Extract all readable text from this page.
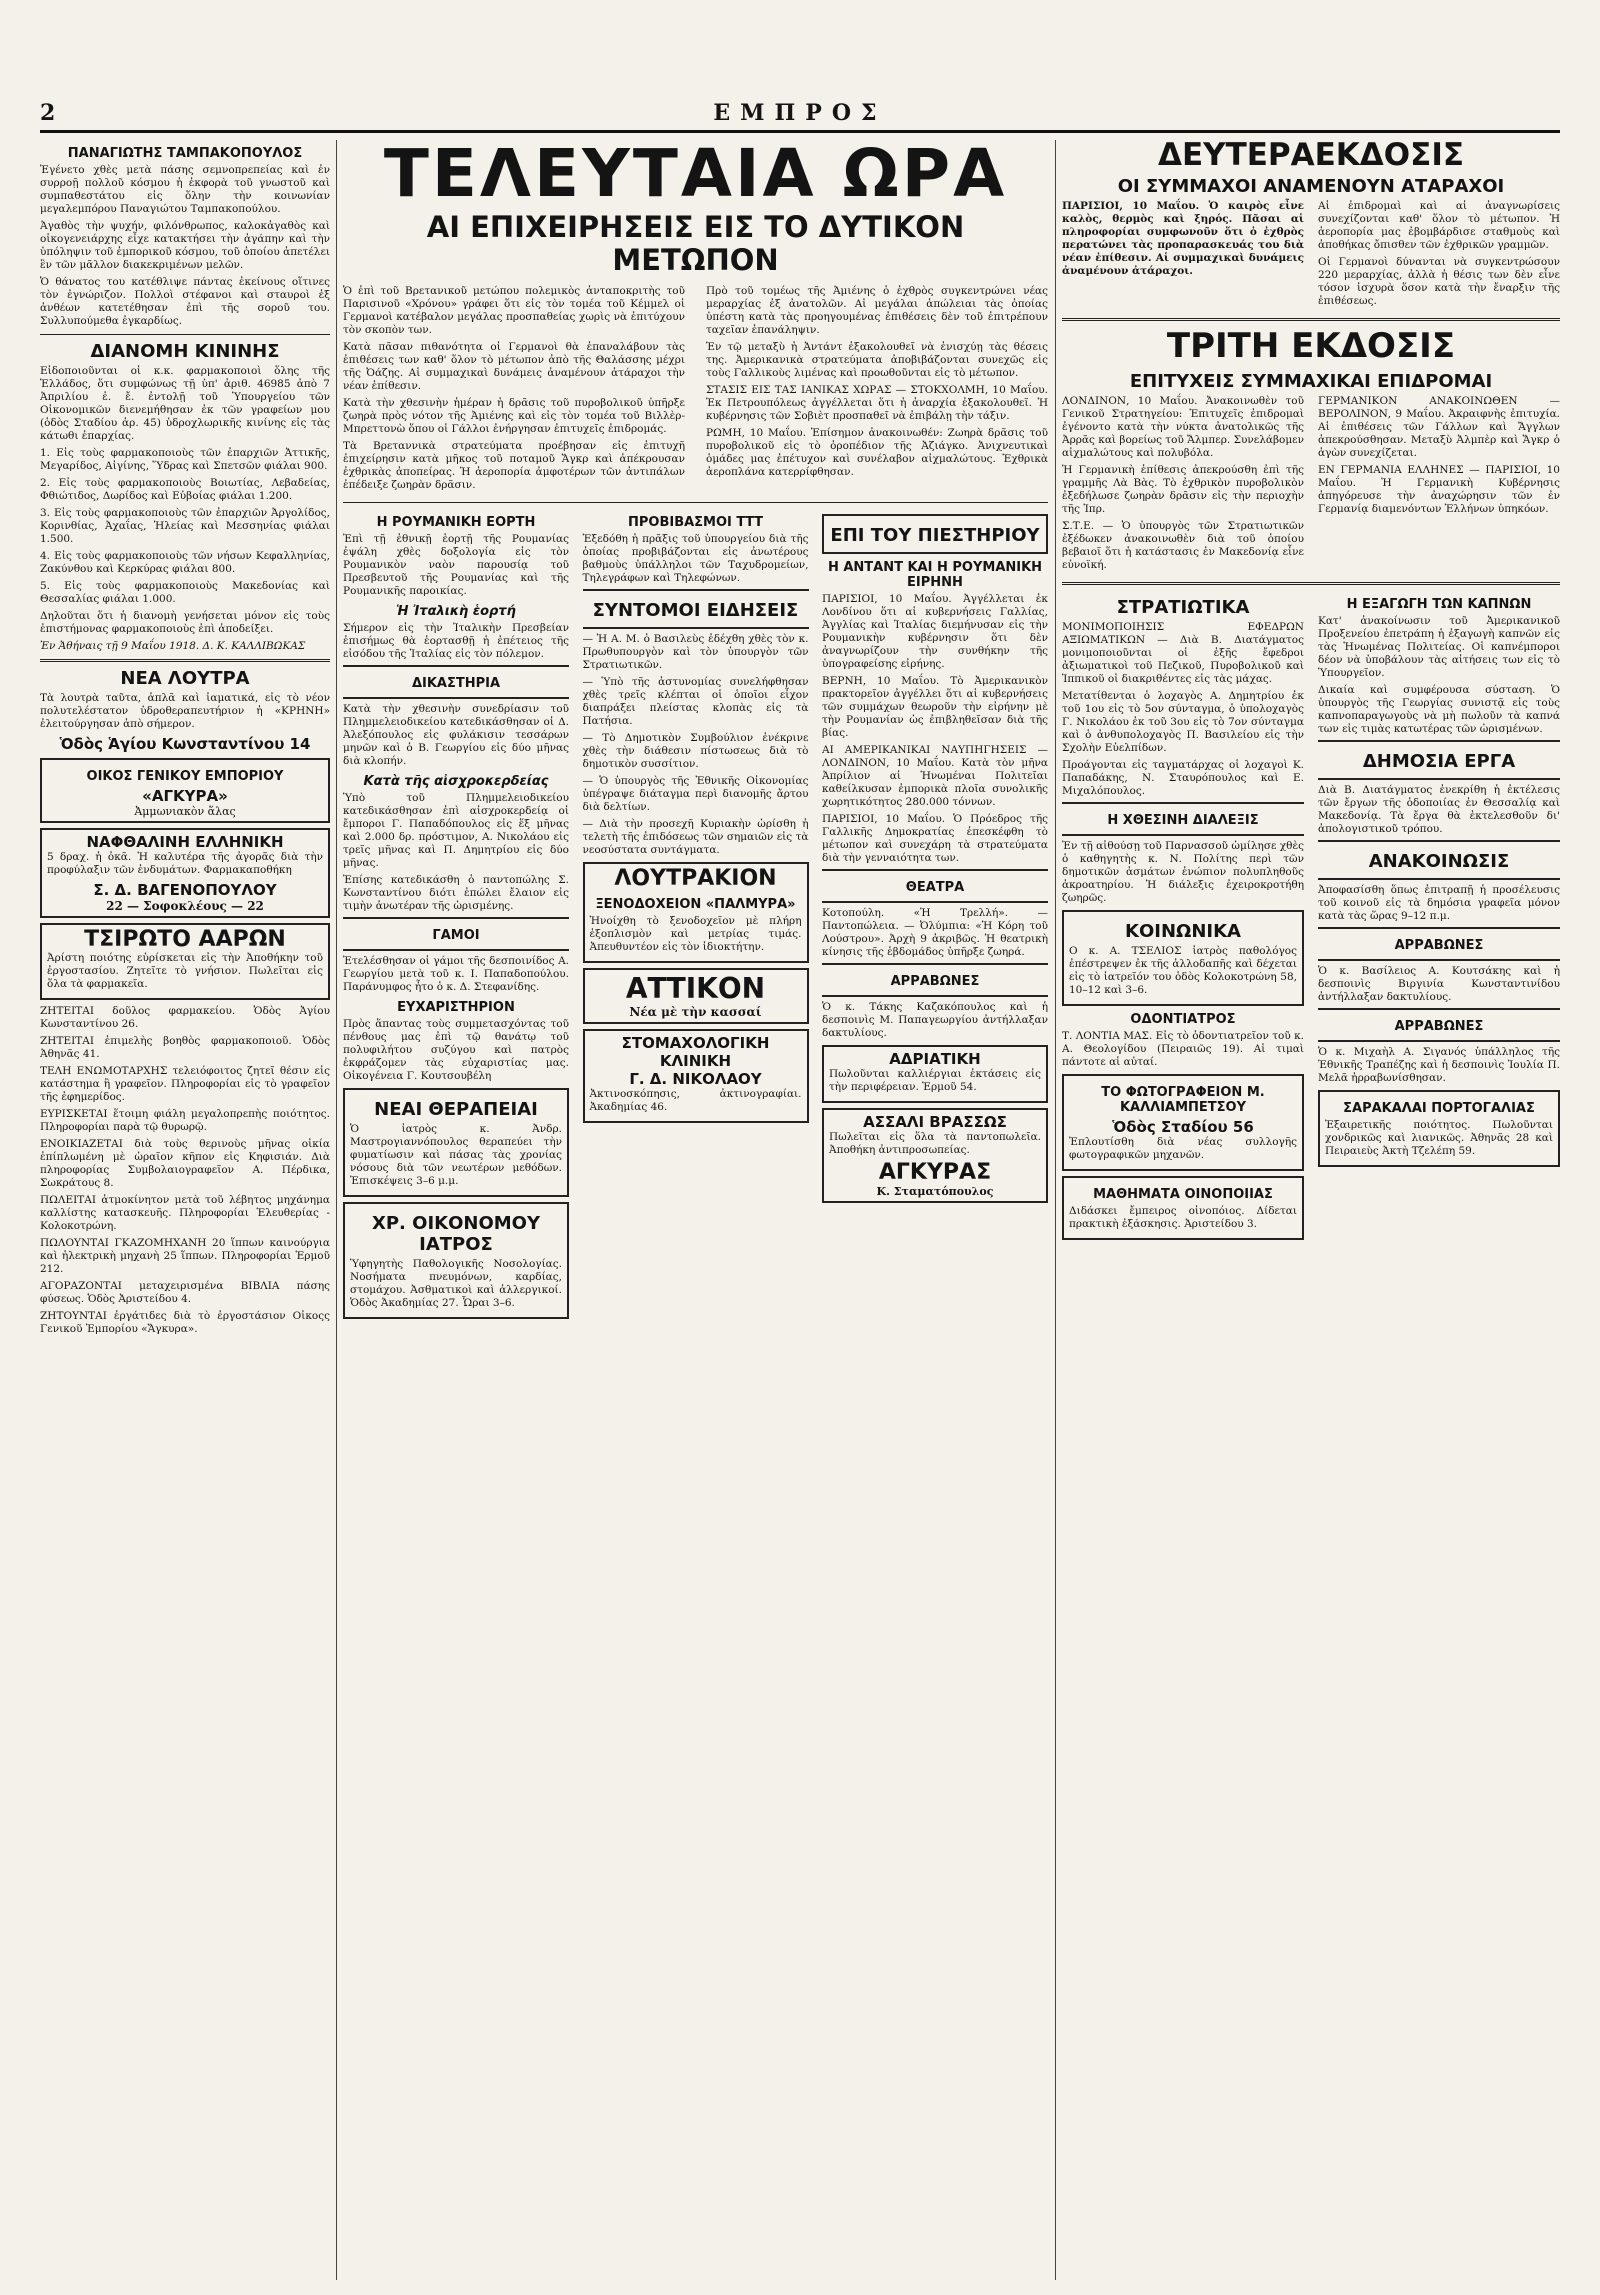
2	ΕΜΠΡΟΣ
ΠΑΝΑΓΙΩΤΗΣ ΤΑΜΠΑΚΟΠΟΥΛΟΣ

Ἐγένετο χθὲς μετὰ πάσης σεμνοπρεπείας καὶ ἐν συρροῇ πολλοῦ κόσμου ἡ ἐκφορὰ τοῦ γνωστοῦ καὶ συμπαθεστάτου εἰς ὅλην τὴν κοινωνίαν μεγαλεμπόρου Παναγιώτου Ταμπακοπούλου.

Ἀγαθὸς τὴν ψυχήν, φιλόνθρωπος, καλοκἀγαθὸς καὶ οἰκογενειάρχης εἶχε κατακτήσει τὴν ἀγάπην καὶ τὴν ὑπόληψιν τοῦ ἐμπορικοῦ κόσμου, τοῦ ὁποίου ἀπετέλει ἓν τῶν μᾶλλον διακεκριμένων μελῶν.

Ὁ θάνατος του κατέθλιψε πάντας ἐκείνους οἵτινες τὸν ἐγνώριζον. Πολλοὶ στέφανοι καὶ σταυροὶ ἐξ ἀνθέων κατετέθησαν ἐπὶ τῆς σοροῦ του. Συλλυπούμεθα ἐγκαρδίως.

ΔΙΑΝΟΜΗ ΚΙΝΙΝΗΣ

Εἰδοποιοῦνται οἱ κ.κ. φαρμακοποιοὶ ὅλης τῆς Ἑλλάδος, ὅτι συμφώνως τῇ ὑπ' ἀριθ. 46985 ἀπὸ 7 Ἀπριλίου ἐ. ἔ. ἐντολῇ τοῦ Ὑπουργείου τῶν Οἰκονομικῶν διενεμήθησαν ἐκ τῶν γραφείων μου (ὁδὸς Σταδίου ἀρ. 45) ὑδροχλωρικῆς κινίνης εἰς τὰς κάτωθι ἐπαρχίας.

1. Εἰς τοὺς φαρμακοποιοὺς τῶν ἐπαρχιῶν Ἀττικῆς, Μεγαρίδος, Αἰγίνης, Ὕδρας καὶ Σπετσῶν φιάλαι 900.

2. Εἰς τοὺς φαρμακοποιοὺς Βοιωτίας, Λεβαδείας, Φθιώτιδος, Δωρίδος καὶ Εὐβοίας φιάλαι 1.200.

3. Εἰς τοὺς φαρμακοποιοὺς τῶν ἐπαρχιῶν Ἀργολίδος, Κορινθίας, Ἀχαΐας, Ἠλείας καὶ Μεσσηνίας φιάλαι 1.500.

4. Εἰς τοὺς φαρμακοποιοὺς τῶν νήσων Κεφαλληνίας, Ζακύνθου καὶ Κερκύρας φιάλαι 800.

5. Εἰς τοὺς φαρμακοποιοὺς Μακεδονίας καὶ Θεσσαλίας φιάλαι 1.000.

Δηλοῦται ὅτι ἡ διανομὴ γενήσεται μόνον εἰς τοὺς ἐπιστήμονας φαρμακοποιοὺς ἐπὶ ἀποδείξει.

Ἐν Ἀθήναις τῇ 9 Μαΐου 1918. Δ. Κ. ΚΑΛΛΙΒΩΚΑΣ

ΝΕΑ ΛΟΥΤΡΑ

Τὰ λουτρὰ ταῦτα, ἀπλᾶ καὶ ἰαματικά, εἰς τὸ νέον πολυτελέστατον ὑδροθεραπευτήριον ἡ «ΚΡΗΝΗ» ἐλειτούργησαν ἀπὸ σήμερον.

Ὁδὸς Ἁγίου Κωνσταντίνου 14
ΟΙΚΟΣ ΓΕΝΙΚΟΥ ΕΜΠΟΡΙΟΥ
«ΑΓΚΥΡΑ»
Ἀμμωνιακὸν ἅλας
ΝΑΦΘΑΛΙΝΗ ΕΛΛΗΝΙΚΗ

5 δραχ. ἡ ὀκᾶ. Ἡ καλυτέρα τῆς ἀγορᾶς διὰ τὴν προφύλαξιν τῶν ἐνδυμάτων. Φαρμακαποθήκη

Σ. Δ. ΒΑΓΕΝΟΠΟΥΛΟΥ
22 — Σοφοκλέους — 22
ΤΣΙΡΩΤΟ ΑΑΡΩΝ

Ἀρίστη ποιότης εὑρίσκεται εἰς τὴν Ἀποθήκην τοῦ ἐργοστασίου. Ζητεῖτε τὸ γνήσιον. Πωλεῖται εἰς ὅλα τὰ φαρμακεῖα.

ΖΗΤΕΙΤΑΙ δοῦλος φαρμακείου. Ὁδὸς Ἀγίου Κωνσταντίνου 26.

ΖΗΤΕΙΤΑΙ ἐπιμελὴς βοηθὸς φαρμακοποιοῦ. Ὁδὸς Ἀθηνᾶς 41.

ΤΕΛΗ ΕΝΩΜΟΤΑΡΧΗΣ τελειόφοιτος ζητεῖ θέσιν εἰς κατάστημα ἢ γραφεῖον. Πληροφορίαι εἰς τὸ γραφεῖον τῆς ἐφημερίδος.

ΕΥΡΙΣΚΕΤΑΙ ἕτοιμη φιάλη μεγαλοπρεπὴς ποιότητος. Πληροφορίαι παρὰ τῷ θυρωρῷ.

ΕΝΟΙΚΙΑΖΕΤΑΙ διὰ τοὺς θερινοὺς μῆνας οἰκία ἐπίπλωμένη μὲ ὡραῖον κῆπον εἰς Κηφισιάν. Διὰ πληροφορίας Συμβολαιογραφεῖον Α. Πέρδικα, Σωκράτους 8.

ΠΩΛΕΙΤΑΙ ἀτμοκίνητον μετὰ τοῦ λέβητος μηχάνημα καλλίστης κατασκευῆς. Πληροφορίαι Ἑλευθερίας - Κολοκοτρώνη.

ΠΩΛΟΥΝΤΑΙ ΓΚΑΖΟΜΗΧΑΝΗ 20 ἵππων καινούργια καὶ ἡλεκτρικὴ μηχανὴ 25 ἵππων. Πληροφορίαι Ἑρμοῦ 212.

ΑΓΟΡΑΖΟΝΤΑΙ μεταχειρισμένα ΒΙΒΛΙΑ πάσης φύσεως. Ὁδὸς Ἀριστείδου 4.

ΖΗΤΟΥΝΤΑΙ ἐργάτιδες διὰ τὸ ἐργοστάσιον Οἰκοςς Γενικοῦ Ἐμπορίου «Ἄγκυρα».

ΤΕΛΕΥΤΑΙΑ ΩΡΑ
ΑΙ ΕΠΙΧΕΙΡΗΣΕΙΣ ΕΙΣ ΤΟ ΔΥΤΙΚΟΝ ΜΕΤΩΠΟΝ

Ὁ ἐπὶ τοῦ Βρετανικοῦ μετώπου πολεμικὸς ἀνταποκριτὴς τοῦ Παρισινοῦ «Χρόνου» γράφει ὅτι εἰς τὸν τομέα τοῦ Κέμμελ οἱ Γερμανοὶ κατέβαλον μεγάλας προσπαθείας χωρὶς νὰ ἐπιτύχουν τὸν σκοπὸν των.

Κατὰ πᾶσαν πιθανότητα οἱ Γερμανοὶ θὰ ἐπαναλάβουν τὰς ἐπιθέσεις των καθ' ὅλον τὸ μέτωπον ἀπὸ τῆς Θαλάσσης μέχρι τῆς Ὀάζης. Αἱ συμμαχικαὶ δυνάμεις ἀναμένουν ἀτάραχοι τὴν νέαν ἐπίθεσιν.

Κατὰ τὴν χθεσινὴν ἡμέραν ἡ δρᾶσις τοῦ πυροβολικοῦ ὑπῆρξε ζωηρὰ πρὸς νότον τῆς Ἀμιένης καὶ εἰς τὸν τομέα τοῦ Βιλλὲρ-Μπρεττονὼ ὅπου οἱ Γάλλοι ἐνήργησαν ἐπιτυχεῖς ἐπιδρομάς.

Τὰ Βρεταννικὰ στρατεύματα προέβησαν εἰς ἐπιτυχῆ ἐπιχείρησιν κατὰ μῆκος τοῦ ποταμοῦ Ἄγκρ καὶ ἀπέκρουσαν ἐχθρικὰς ἀποπείρας. Ἡ ἀεροπορία ἀμφοτέρων τῶν ἀντιπάλων ἐπέδειξε ζωηρὰν δρᾶσιν.

Πρὸ τοῦ τομέως τῆς Ἀμιένης ὁ ἐχθρὸς συγκεντρώνει νέας μεραρχίας ἐξ ἀνατολῶν. Αἱ μεγάλαι ἀπώλειαι τὰς ὁποίας ὑπέστη κατὰ τὰς προηγουμένας ἐπιθέσεις δὲν τοῦ ἐπιτρέπουν ταχεῖαν ἐπανάληψιν.

Ἐν τῷ μεταξὺ ἡ Ἀντάντ ἐξακολουθεῖ νὰ ἐνισχύῃ τὰς θέσεις της. Ἀμερικανικὰ στρατεύματα ἀποβιβάζονται συνεχῶς εἰς τοὺς Γαλλικοὺς λιμένας καὶ προωθοῦνται εἰς τὸ μέτωπον.

ΣΤΑΣΙΣ ΕΙΣ ΤΑΣ ΙΑΝΙΚΑΣ ΧΩΡΑΣ — ΣΤΟΚΧΟΛΜΗ, 10 Μαΐου. Ἐκ Πετρουπόλεως ἀγγέλλεται ὅτι ἡ ἀναρχία ἐξακολουθεῖ. Ἡ κυβέρνησις τῶν Σοβιὲτ προσπαθεῖ νὰ ἐπιβάλῃ τὴν τάξιν.

ΡΩΜΗ, 10 Μαΐου. Ἐπίσημον ἀνακοινωθέν: Ζωηρὰ δρᾶσις τοῦ πυροβολικοῦ εἰς τὸ ὀροπέδιον τῆς Ἀζιάγκο. Ἀνιχνευτικαὶ ὁμάδες μας ἐπέτυχον καὶ συνέλαβον αἰχμαλώτους. Ἐχθρικὰ ἀεροπλάνα κατερρίφθησαν.

Η ΡΟΥΜΑΝΙΚΗ ΕΟΡΤΗ

Ἐπὶ τῇ ἐθνικῇ ἑορτῇ τῆς Ρουμανίας ἐψάλη χθὲς δοξολογία εἰς τὸν Ρουμανικὸν ναὸν παρουσίᾳ τοῦ Πρεσβευτοῦ τῆς Ρουμανίας καὶ τῆς Ρουμανικῆς παροικίας.

Ἡ Ἰταλικὴ ἑορτή

Σήμερον εἰς τὴν Ἰταλικὴν Πρεσβείαν ἐπισήμως θὰ ἑορτασθῇ ἡ ἐπέτειος τῆς εἰσόδου τῆς Ἰταλίας εἰς τὸν πόλεμον.

ΔΙΚΑΣΤΗΡΙΑ

Κατὰ τὴν χθεσινὴν συνεδρίασιν τοῦ Πλημμελειοδικείου κατεδικάσθησαν οἱ Δ. Ἀλεξόπουλος εἰς φυλάκισιν τεσσάρων μηνῶν καὶ ὁ Β. Γεωργίου εἰς δύο μῆνας διὰ κλοπήν.

Κατὰ τῆς αἰσχροκερδείας

Ὑπὸ τοῦ Πλημμελειοδικείου κατεδικάσθησαν ἐπὶ αἰσχροκερδείᾳ οἱ ἔμποροι Γ. Παπαδόπουλος εἰς ἕξ μῆνας καὶ 2.000 δρ. πρόστιμον, Α. Νικολάου εἰς τρεῖς μῆνας καὶ Π. Δημητρίου εἰς δύο μῆνας.

Ἐπίσης κατεδικάσθη ὁ παντοπώλης Σ. Κωνσταντίνου διότι ἐπώλει ἔλαιον εἰς τιμὴν ἀνωτέραν τῆς ὡρισμένης.

ΓΑΜΟΙ

Ἐτελέσθησαν οἱ γάμοι τῆς δεσποινίδος Α. Γεωργίου μετὰ τοῦ κ. Ι. Παπαδοπούλου. Παράνυμφος ἦτο ὁ κ. Δ. Στεφανίδης.

ΕΥΧΑΡΙΣΤΗΡΙΟΝ

Πρὸς ἅπαντας τοὺς συμμετασχόντας τοῦ πένθους μας ἐπὶ τῷ θανάτῳ τοῦ πολυφιλήτου συζύγου καὶ πατρὸς ἐκφράζομεν τὰς εὐχαριστίας μας. Οἰκογένεια Γ. Κουτσουβέλη

ΝΕΑΙ ΘΕΡΑΠΕΙΑΙ

Ὁ ἰατρὸς κ. Ἀνδρ. Μαστρογιαννόπουλος θεραπεύει τὴν φυματίωσιν καὶ πάσας τὰς χρονίας νόσους διὰ τῶν νεωτέρων μεθόδων. Ἐπισκέψεις 3–6 μ.μ.

ΧΡ. ΟΙΚΟΝΟΜΟΥ ΙΑΤΡΟΣ

Ὑφηγητὴς Παθολογικῆς Νοσολογίας. Νοσήματα πνευμόνων, καρδίας, στομάχου. Ἀσθματικοὶ καὶ ἀλλεργικοί. Ὁδὸς Ἀκαδημίας 27. Ὧραι 3–6.

ΠΡΟΒΙΒΑΣΜΟΙ ΤΤΤ

Ἐξεδόθη ἡ πρᾶξις τοῦ ὑπουργείου διὰ τῆς ὁποίας προβιβάζονται εἰς ἀνωτέρους βαθμοὺς ὑπάλληλοι τῶν Ταχυδρομείων, Τηλεγράφων καὶ Τηλεφώνων.

ΣΥΝΤΟΜΟΙ ΕΙΔΗΣΕΙΣ

— Ἡ Α. Μ. ὁ Βασιλεὺς ἐδέχθη χθὲς τὸν κ. Πρωθυπουργὸν καὶ τὸν ὑπουργὸν τῶν Στρατιωτικῶν.

— Ὑπὸ τῆς ἀστυνομίας συνελήφθησαν χθὲς τρεῖς κλέπται οἱ ὁποῖοι εἶχον διαπράξει πλείστας κλοπὰς εἰς τὰ Πατήσια.

— Τὸ Δημοτικὸν Συμβούλιον ἐνέκρινε χθὲς τὴν διάθεσιν πίστωσεως διὰ τὸ δημοτικὸν συσσίτιον.

— Ὁ ὑπουργὸς τῆς Ἐθνικῆς Οἰκονομίας ὑπέγραψε διάταγμα περὶ διανομῆς ἄρτου διὰ δελτίων.

— Διὰ τὴν προσεχῆ Κυριακὴν ὡρίσθη ἡ τελετὴ τῆς ἐπιδόσεως τῶν σημαιῶν εἰς τὰ νεοσύστατα συντάγματα.

ΛΟΥΤΡΑΚΙΟΝ
ΞΕΝΟΔΟΧΕΙΟΝ «ΠΑΛΜΥΡΑ»

Ἠνοίχθη τὸ ξενοδοχεῖον μὲ πλήρη ἐξοπλισμὸν καὶ μετρίας τιμάς. Ἀπευθυντέον εἰς τὸν ἰδιοκτήτην.

ΑΤΤΙΚΟΝ
Νέα μὲ τὴν κασσαί
ΣΤΟΜΑΧΟΛΟΓΙΚΗ ΚΛΙΝΙΚΗ
Γ. Δ. ΝΙΚΟΛΑΟΥ

Ἀκτινοσκόπησις, ἀκτινογραφίαι. Ἀκαδημίας 46.

ΕΠΙ ΤΟΥ ΠΙΕΣΤΗΡΙΟΥ
Η ΑΝΤΑΝΤ ΚΑΙ Η ΡΟΥΜΑΝΙΚΗ ΕΙΡΗΝΗ

ΠΑΡΙΣΙΟΙ, 10 Μαΐου. Ἀγγέλλεται ἐκ Λονδίνου ὅτι αἱ κυβερνήσεις Γαλλίας, Ἀγγλίας καὶ Ἰταλίας διεμήνυσαν εἰς τὴν Ρουμανικὴν κυβέρνησιν ὅτι δὲν ἀναγνωρίζουν τὴν συνθήκην τῆς ὑπογραφείσης εἰρήνης.

ΒΕΡΝΗ, 10 Μαΐου. Τὸ Ἀμερικανικὸν πρακτορεῖον ἀγγέλλει ὅτι αἱ κυβερνήσεις τῶν συμμάχων θεωροῦν τὴν εἰρήνην μὲ τὴν Ρουμανίαν ὡς ἐπιβληθεῖσαν διὰ τῆς βίας.

ΑΙ ΑΜΕΡΙΚΑΝΙΚΑΙ ΝΑΥΠΗΓΗΣΕΙΣ — ΛΟΝΔΙΝΟΝ, 10 Μαΐου. Κατὰ τὸν μῆνα Ἀπρίλιον αἱ Ἡνωμέναι Πολιτεῖαι καθείλκυσαν ἐμπορικὰ πλοῖα συνολικῆς χωρητικότητος 280.000 τόννων.

ΠΑΡΙΣΙΟΙ, 10 Μαΐου. Ὁ Πρόεδρος τῆς Γαλλικῆς Δημοκρατίας ἐπεσκέφθη τὸ μέτωπον καὶ συνεχάρη τὰ στρατεύματα διὰ τὴν γενναιότητα των.

ΘΕΑΤΡΑ

Κοτοπούλη. «Ἡ Τρελλή». — Παντοπώλεια. — Ὀλύμπια: «Ἡ Κόρη τοῦ Λούστρου». Ἀρχὴ 9 ἀκριβῶς. Ἡ θεατρικὴ κίνησις τῆς ἑβδομάδος ὑπῆρξε ζωηρά.

ΑΡΡΑΒΩΝΕΣ

Ὁ κ. Τάκης Καζακόπουλος καὶ ἡ δεσποινὶς Μ. Παπαγεωργίου ἀντήλλαξαν δακτυλίους.

ΑΔΡΙΑΤΙΚΗ

Πωλοῦνται καλλιέργιαι ἐκτάσεις εἰς τὴν περιφέρειαν. Ἑρμοῦ 54.

ΑΣΣΑΛΙ ΒΡΑΣΣΩΣ

Πωλεῖται εἰς ὅλα τὰ παντοπωλεῖα. Ἀποθήκη ἀντιπροσωπείας.

ΑΓΚΥΡΑΣ
Κ. Σταματόπουλος
ΔΕΥΤΕΡΑΕΚΔΟΣΙΣ
ΟΙ ΣΥΜΜΑΧΟΙ ΑΝΑΜΕΝΟΥΝ ΑΤΑΡΑΧΟΙ

ΠΑΡΙΣΙΟΙ, 10 Μαΐου. Ὁ καιρὸς εἶνε καλὸς, θερμὸς καὶ ξηρός. Πᾶσαι αἱ πληροφορίαι συμφωνοῦν ὅτι ὁ ἐχθρὸς περατώνει τὰς προπαρασκευάς του διὰ νέαν ἐπίθεσιν. Αἱ συμμαχικαὶ δυνάμεις ἀναμένουν ἀτάραχοι.

Αἱ ἐπιδρομαὶ καὶ αἱ ἀναγνωρίσεις συνεχίζονται καθ' ὅλον τὸ μέτωπον. Ἡ ἀεροπορία μας ἐβομβάρδισε σταθμοὺς καὶ ἀποθήκας ὄπισθεν τῶν ἐχθρικῶν γραμμῶν.

Οἱ Γερμανοὶ δύνανται νὰ συγκεντρώσουν 220 μεραρχίας, ἀλλὰ ἡ θέσις των δὲν εἶνε τόσον ἰσχυρὰ ὅσον κατὰ τὴν ἔναρξιν τῆς ἐπιθέσεως.

ΤΡΙΤΗ ΕΚΔΟΣΙΣ
ΕΠΙΤΥΧΕΙΣ ΣΥΜΜΑΧΙΚΑΙ ΕΠΙΔΡΟΜΑΙ

ΛΟΝΔΙΝΟΝ, 10 Μαΐου. Ἀνακοινωθὲν τοῦ Γενικοῦ Στρατηγείου: Ἐπιτυχεῖς ἐπιδρομαὶ ἐγένοντο κατὰ τὴν νύκτα ἀνατολικῶς τῆς Ἀρρᾶς καὶ βορείως τοῦ Ἄλμπερ. Συνελάβομεν αἰχμαλώτους καὶ πολυβόλα.

Ἡ Γερμανικὴ ἐπίθεσις ἀπεκρούσθη ἐπὶ τῆς γραμμῆς Λὰ Βὰς. Τὸ ἐχθρικὸν πυροβολικὸν ἐξεδήλωσε ζωηρὰν δρᾶσιν εἰς τὴν περιοχὴν τῆς Ἰπρ.

Σ.Τ.Ε. — Ὁ ὑπουργὸς τῶν Στρατιωτικῶν ἐξέδωκεν ἀνακοινωθὲν διὰ τοῦ ὁποίου βεβαιοῖ ὅτι ἡ κατάστασις ἐν Μακεδονίᾳ εἶνε εὐνοϊκή.

ΓΕΡΜΑΝΙΚΟΝ ΑΝΑΚΟΙΝΩΘΕΝ — ΒΕΡΟΛΙΝΟΝ, 9 Μαΐου. Ἀκραιφνὴς ἐπιτυχία. Αἱ ἐπιθέσεις τῶν Γάλλων καὶ Ἄγγλων ἀπεκρούσθησαν. Μεταξὺ Ἀλμπὲρ καὶ Ἄγκρ ὁ ἀγὼν συνεχίζεται.

ΕΝ ΓΕΡΜΑΝΙΑ ΕΛΛΗΝΕΣ — ΠΑΡΙΣΙΟΙ, 10 Μαΐου. Ἡ Γερμανικὴ Κυβέρνησις ἀπηγόρευσε τὴν ἀναχώρησιν τῶν ἐν Γερμανίᾳ διαμενόντων Ἑλλήνων ὑπηκόων.

ΣΤΡΑΤΙΩΤΙΚΑ

ΜΟΝΙΜΟΠΟΙΗΣΙΣ ΕΦΕΔΡΩΝ ΑΞΙΩΜΑΤΙΚΩΝ — Διὰ Β. Διατάγματος μονιμοποιοῦνται οἱ ἑξῆς ἔφεδροι ἀξιωματικοὶ τοῦ Πεζικοῦ, Πυροβολικοῦ καὶ Ἱππικοῦ οἱ διακριθέντες εἰς τὰς μάχας.

Μετατίθενται ὁ λοχαγὸς Α. Δημητρίου ἐκ τοῦ 1ου εἰς τὸ 5ον σύνταγμα, ὁ ὑπολοχαγὸς Γ. Νικολάου ἐκ τοῦ 3ου εἰς τὸ 7ον σύνταγμα καὶ ὁ ἀνθυπολοχαγὸς Π. Βασιλείου εἰς τὴν Σχολὴν Εὐελπίδων.

Προάγονται εἰς ταγματάρχας οἱ λοχαγοὶ Κ. Παπαδάκης, Ν. Σταυρόπουλος καὶ Ε. Μιχαλόπουλος.

Η ΧΘΕΣΙΝΗ ΔΙΑΛΕΞΙΣ

Ἐν τῇ αἰθούσῃ τοῦ Παρνασσοῦ ὡμίλησε χθὲς ὁ καθηγητὴς κ. Ν. Πολίτης περὶ τῶν δημοτικῶν ἀσμάτων ἐνώπιον πολυπληθοῦς ἀκροατηρίου. Ἡ διάλεξις ἐχειροκροτήθη ζωηρῶς.

ΚΟΙΝΩΝΙΚΑ

Ο κ. Α. ΤΣΕΛΙΟΣ ἰατρὸς παθολόγος ἐπέστρεψεν ἐκ τῆς ἀλλοδαπῆς καὶ δέχεται εἰς τὸ ἰατρεῖόν του ὁδὸς Κολοκοτρώνη 58, 10–12 καὶ 3–6.

ΟΔΟΝΤΙΑΤΡΟΣ

Τ. ΛΟΝΤΙΑ ΜΑΣ. Εἰς τὸ ὀδοντιατρεῖον τοῦ κ. Α. Θεολογίδου (Πειραιῶς 19). Αἱ τιμαὶ πάντοτε αἱ αὐταί.

ΤΟ ΦΩΤΟΓΡΑΦΕΙΟΝ Μ. ΚΑΛΛΙΑΜΠΕΤΣΟΥ
Ὁδὸς Σταδίου 56

Ἐπλουτίσθη διὰ νέας συλλογῆς φωτογραφικῶν μηχανῶν.

ΜΑΘΗΜΑΤΑ ΟΙΝΟΠΟΙΙΑΣ

Διδάσκει ἔμπειρος οἰνοπόιος. Δίδεται πρακτικὴ ἐξάσκησις. Ἀριστείδου 3.

Η ΕΞΑΓΩΓΗ ΤΩΝ ΚΑΠΝΩΝ

Κατ' ἀνακοίνωσιν τοῦ Ἀμερικανικοῦ Προξενείου ἐπετράπη ἡ ἐξαγωγὴ καπνῶν εἰς τὰς Ἡνωμένας Πολιτείας. Οἱ καπνέμποροι δέον νὰ ὑποβάλουν τὰς αἰτήσεις των εἰς τὸ Ὑπουργεῖον.

Δικαία καὶ συμφέρουσα σύσταση. Ὁ ὑπουργὸς τῆς Γεωργίας συνιστᾷ εἰς τοὺς καπνοπαραγωγοὺς νὰ μὴ πωλοῦν τὰ καπνά των εἰς τιμὰς κατωτέρας τῶν ὡρισμένων.

ΔΗΜΟΣΙΑ ΕΡΓΑ

Διὰ Β. Διατάγματος ἐνεκρίθη ἡ ἐκτέλεσις τῶν ἔργων τῆς ὁδοποιίας ἐν Θεσσαλίᾳ καὶ Μακεδονίᾳ. Τὰ ἔργα θὰ ἐκτελεσθοῦν δι' ἀπολογιστικοῦ τρόπου.

ΑΝΑΚΟΙΝΩΣΙΣ

Ἀποφασίσθη ὅπως ἐπιτραπῇ ἡ προσέλευσις τοῦ κοινοῦ εἰς τὰ δημόσια γραφεῖα μόνον κατὰ τὰς ὥρας 9–12 π.μ.

ΑΡΡΑΒΩΝΕΣ

Ὁ κ. Βασίλειος Α. Κουτσάκης καὶ ἡ δεσποινὶς Βιργινία Κωνσταντινίδου ἀντήλλαξαν δακτυλίους.

ΑΡΡΑΒΩΝΕΣ

Ὁ κ. Μιχαὴλ Α. Σιγανός ὑπάλληλος τῆς Ἐθνικῆς Τραπέζης καὶ ἡ δεσποινὶς Ἰουλία Π. Μελᾶ ἠρραβωνίσθησαν.

ΣΑΡΑΚΑΛΑΙ ΠΟΡΤΟΓΑΛΙΑΣ

Ἐξαιρετικῆς ποιότητος. Πωλοῦνται χονδρικῶς καὶ λιανικῶς. Ἀθηνᾶς 28 καὶ Πειραιεὺς Ἀκτὴ Τζελέπη 59.
